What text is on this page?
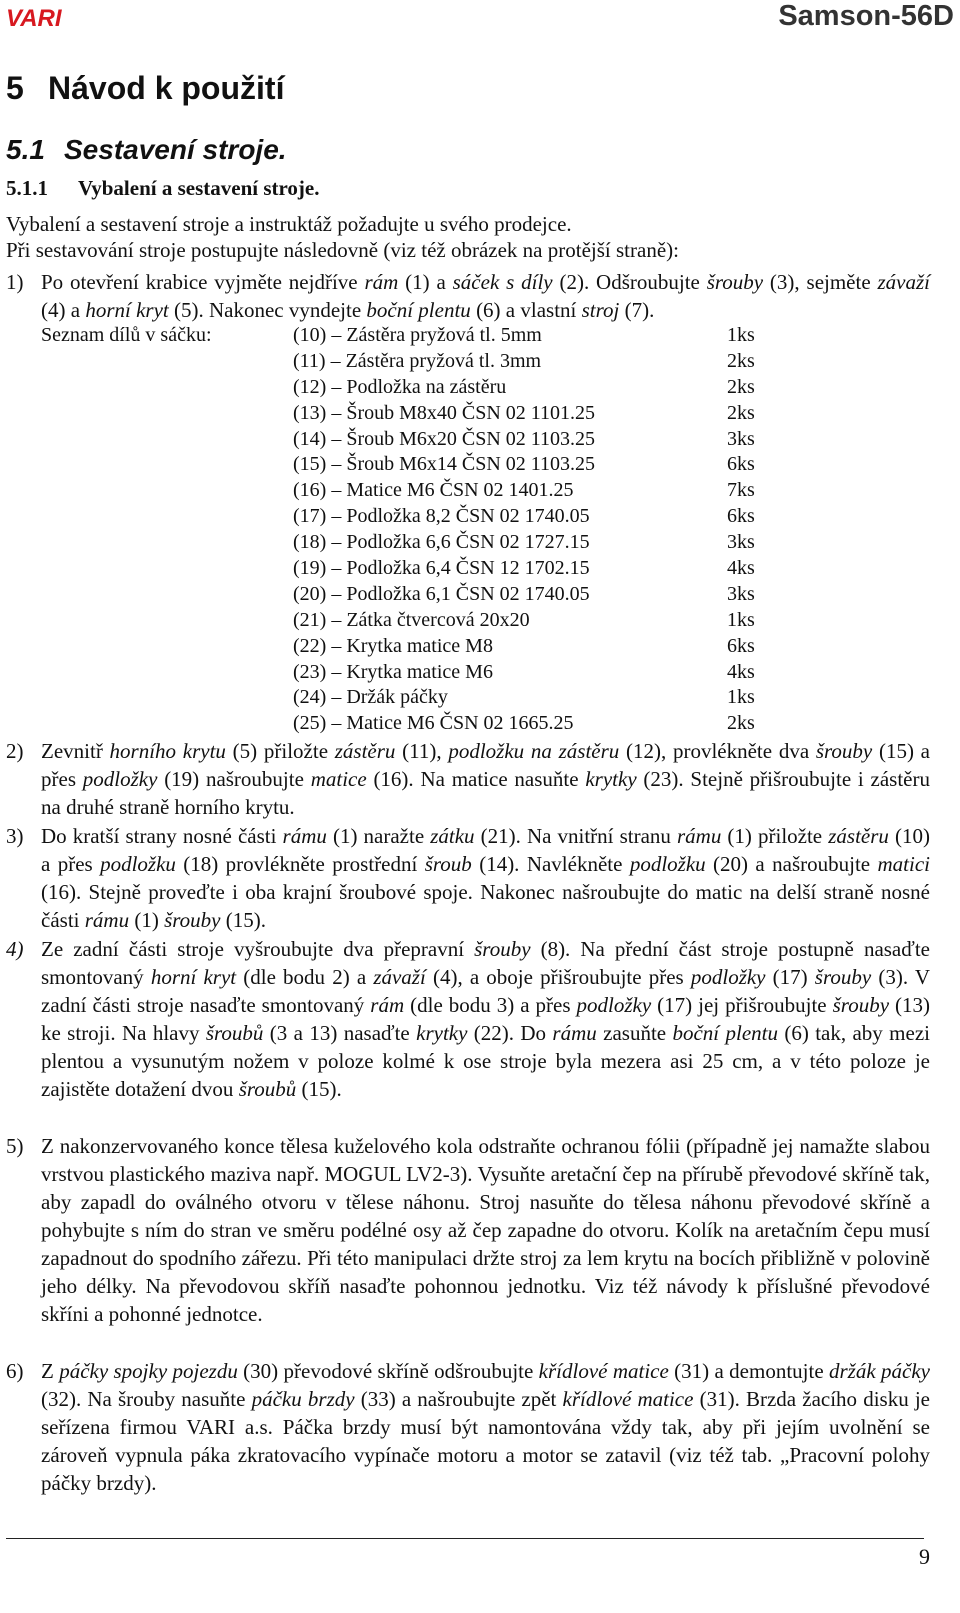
VARI	Samson-56D
5 Návod k použití
5.1 Sestavení stroje.
5.1.1 Vybalení a sestavení stroje.
Vybalení a sestavení stroje a instruktáž požadujte u svého prodejce.
Při sestavování stroje postupujte následovně (viz též obrázek na protější straně):
1) Po otevření krabice vyjměte nejdříve rám (1) a sáček s díly (2). Odšroubujte šrouby (3), sejměte závaží (4) a horní kryt (5). Nakonec vyndejte boční plentu (6) a vlastní stroj (7).
Seznam dílů v sáčku:	(10) – Zástěra pryžová tl. 5mm	1ks
(11) – Zástěra pryžová tl. 3mm	2ks
(12) – Podložka na zástěru	2ks
(13) – Šroub M8x40 ČSN 02 1101.25	2ks
(14) – Šroub M6x20 ČSN 02 1103.25	3ks
(15) – Šroub M6x14 ČSN 02 1103.25	6ks
(16) – Matice M6 ČSN 02 1401.25	7ks
(17) – Podložka 8,2 ČSN 02 1740.05	6ks
(18) – Podložka 6,6 ČSN 02 1727.15	3ks
(19) – Podložka 6,4 ČSN 12 1702.15	4ks
(20) – Podložka 6,1 ČSN 02 1740.05	3ks
(21) – Zátka čtvercová 20x20	1ks
(22) – Krytka matice M8	6ks
(23) – Krytka matice M6	4ks
(24) – Držák páčky	1ks
(25) – Matice M6 ČSN 02 1665.25	2ks
2) Zevnitř horního krytu (5) přiložte zástěru (11), podložku na zástěru (12), provlékněte dva šrouby (15) a přes podložky (19) našroubujte matice (16). Na matice nasuňte krytky (23). Stejně přišroubujte i zástěru na druhé straně horního krytu.
3) Do kratší strany nosné části rámu (1) naražte zátku (21). Na vnitřní stranu rámu (1) přiložte zástěru (10) a přes podložku (18) provlékněte prostřední šroub (14). Navlékněte podložku (20) a našroubujte matici (16). Stejně proveďte i oba krajní šroubové spoje. Nakonec našroubujte do matic na delší straně nosné části rámu (1) šrouby (15).
4) Ze zadní části stroje vyšroubujte dva přepravní šrouby (8). Na přední část stroje postupně nasaďte smontovaný horní kryt (dle bodu 2) a závaží (4), a oboje přišroubujte přes podložky (17) šrouby (3). V zadní části stroje nasaďte smontovaný rám (dle bodu 3) a přes podložky (17) jej přišroubujte šrouby (13) ke stroji. Na hlavy šroubů (3 a 13) nasaďte krytky (22). Do rámu zasuňte boční plentu (6) tak, aby mezi plentou a vysunutým nožem v poloze kolmé k ose stroje byla mezera asi 25 cm, a v této poloze je zajistěte dotažení dvou šroubů (15).
5) Z nakonzervovaného konce tělesa kuželového kola odstraňte ochranou fólii (případně jej namažte slabou vrstvou plastického maziva např. MOGUL LV2-3). Vysuňte aretační čep na přírubě převodové skříně tak, aby zapadl do oválného otvoru v tělese náhonu. Stroj nasuňte do tělesa náhonu převodové skříně a pohybujte s ním do stran ve směru podélné osy až čep zapadne do otvoru. Kolík na aretačním čepu musí zapadnout do spodního zářezu. Při této manipulaci držte stroj za lem krytu na bocích přibližně v polovině jeho délky. Na převodovou skříň nasaďte pohonnou jednotku. Viz též návody k příslušné převodové skříni a pohonné jednotce.
6) Z páčky spojky pojezdu (30) převodové skříně odšroubujte křídlové matice (31) a demontujte držák páčky (32). Na šrouby nasuňte páčku brzdy (33) a našroubujte zpět křídlové matice (31). Brzda žacího disku je seřízena firmou VARI a.s. Páčka brzdy musí být namontována vždy tak, aby při jejím uvolnění se zároveň vypnula páka zkratovacího vypínače motoru a motor se zatavil (viz též tab. „Pracovní polohy páčky brzdy).
9
